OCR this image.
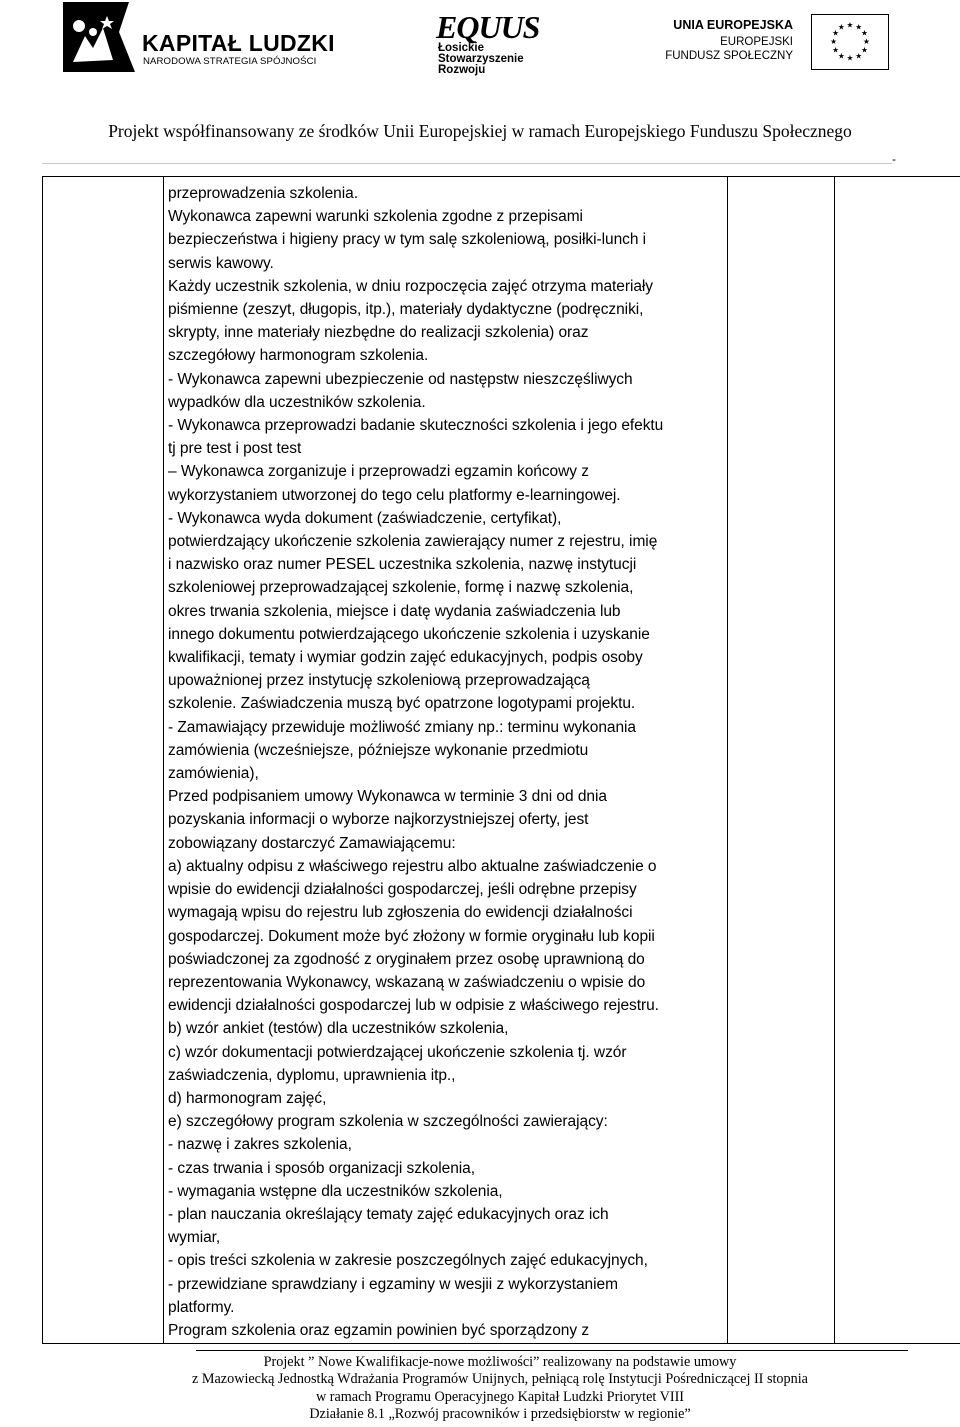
KAPITAŁ LUDZKI
NARODOWA STRATEGIA SPÓJNOŚCI
EQUUS
Łosickie
Stowarzyszenie
Rozwoju
UNIA EUROPEJSKA
EUROPEJSKI
FUNDUSZ SPOŁECZNY
★ ★
★
★
★
★
★
★
★
★
★
★
Projekt współfinansowany ze środków Unii Europejskiej w ramach Europejskiego Funduszu Społecznego
-

przeprowadzenia szkolenia.

Wykonawca zapewni warunki szkolenia zgodne z przepisami

bezpieczeństwa i higieny pracy w tym salę szkoleniową, posiłki-lunch i

serwis kawowy.

Każdy uczestnik szkolenia, w dniu rozpoczęcia zajęć otrzyma materiały

piśmienne (zeszyt, długopis, itp.), materiały dydaktyczne (podręczniki,

skrypty, inne materiały niezbędne do realizacji szkolenia) oraz

szczegółowy harmonogram szkolenia.

- Wykonawca zapewni ubezpieczenie od następstw nieszczęśliwych

wypadków dla uczestników szkolenia.

- Wykonawca przeprowadzi badanie skuteczności szkolenia i jego efektu

tj pre test i post test

– Wykonawca zorganizuje i przeprowadzi egzamin końcowy z

wykorzystaniem utworzonej do tego celu platformy e-learningowej.

- Wykonawca wyda dokument (zaświadczenie, certyfikat),

potwierdzający ukończenie szkolenia zawierający numer z rejestru, imię

i nazwisko oraz numer PESEL uczestnika szkolenia, nazwę instytucji

szkoleniowej przeprowadzającej szkolenie, formę i nazwę szkolenia,

okres trwania szkolenia, miejsce i datę wydania zaświadczenia lub

innego dokumentu potwierdzającego ukończenie szkolenia i uzyskanie

kwalifikacji, tematy i wymiar godzin zajęć edukacyjnych, podpis osoby

upoważnionej przez instytucję szkoleniową przeprowadzającą

szkolenie. Zaświadczenia muszą być opatrzone logotypami projektu.

- Zamawiający przewiduje możliwość zmiany np.: terminu wykonania

zamówienia (wcześniejsze, późniejsze wykonanie przedmiotu

zamówienia),

Przed podpisaniem umowy Wykonawca w terminie 3 dni od dnia

pozyskania informacji o wyborze najkorzystniejszej oferty, jest

zobowiązany dostarczyć Zamawiającemu:

a) aktualny odpisu z właściwego rejestru albo aktualne zaświadczenie o

wpisie do ewidencji działalności gospodarczej, jeśli odrębne przepisy

wymagają wpisu do rejestru lub zgłoszenia do ewidencji działalności

gospodarczej. Dokument może być złożony w formie oryginału lub kopii

poświadczonej za zgodność z oryginałem przez osobę uprawnioną do

reprezentowania Wykonawcy, wskazaną w zaświadczeniu o wpisie do

ewidencji działalności gospodarczej lub w odpisie z właściwego rejestru.

b) wzór ankiet (testów) dla uczestników szkolenia,

c) wzór dokumentacji potwierdzającej ukończenie szkolenia tj. wzór

zaświadczenia, dyplomu, uprawnienia itp.,

d) harmonogram zajęć,

e) szczegółowy program szkolenia w szczególności zawierający:

- nazwę i zakres szkolenia,

- czas trwania i sposób organizacji szkolenia,

- wymagania wstępne dla uczestników szkolenia,

- plan nauczania określający tematy zajęć edukacyjnych oraz ich

wymiar,

- opis treści szkolenia w zakresie poszczególnych zajęć edukacyjnych,

- przewidziane sprawdziany i egzaminy w wesjii z wykorzystaniem

platformy.

Program szkolenia oraz egzamin powinien być sporządzony z

Projekt ” Nowe Kwalifikacje-nowe możliwości” realizowany na podstawie umowy

z Mazowiecką Jednostką Wdrażania Programów Unijnych, pełniącą rolę Instytucji Pośredniczącej II stopnia

w ramach Programu Operacyjnego Kapitał Ludzki Priorytet VIII

Działanie 8.1 „Rozwój pracowników i przedsiębiorstw w regionie”
